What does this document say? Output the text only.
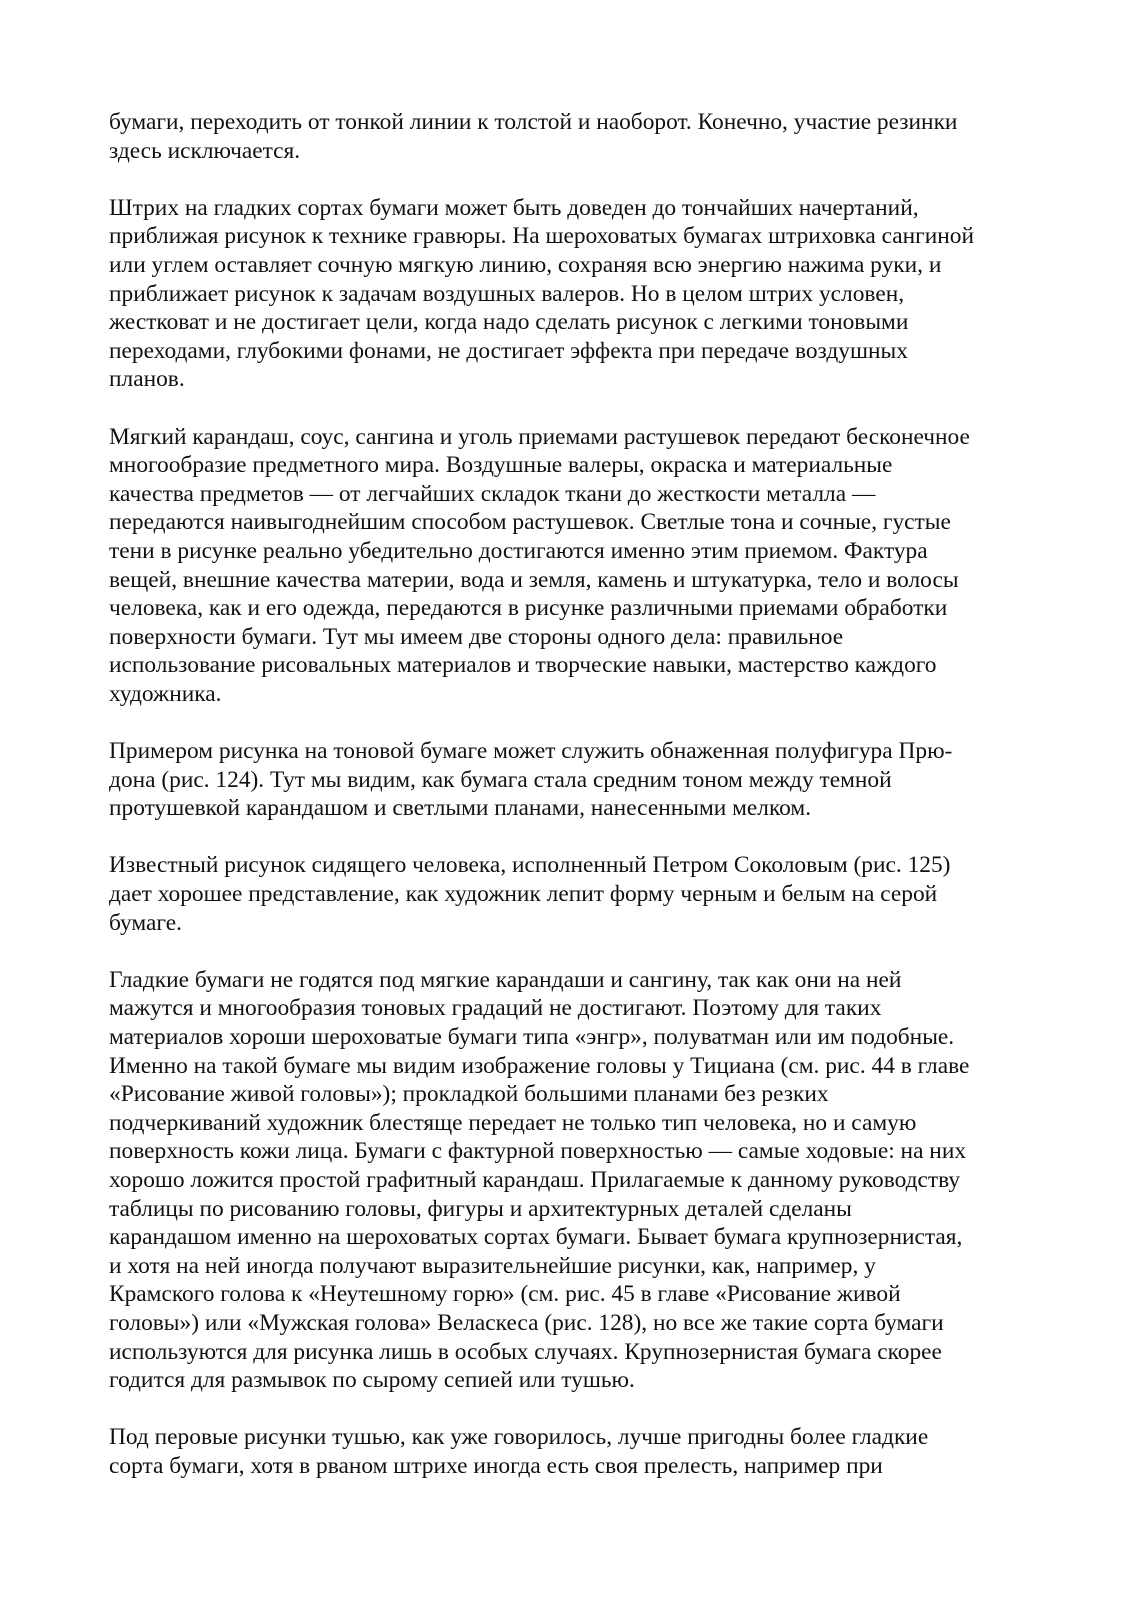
бумаги, переходить от тонкой линии к толстой и наоборот. Конечно, участие резинки
здесь исключается.

Штрих на гладких сортах бумаги может быть доведен до тончайших начертаний,
приближая рисунок к технике гравюры. На шероховатых бумагах штриховка сангиной
или углем оставляет сочную мягкую линию, сохраняя всю энергию нажима руки, и
приближает рисунок к задачам воздушных валеров. Но в целом штрих условен,
жестковат и не достигает цели, когда надо сделать рисунок с легкими тоновыми
переходами, глубокими фонами, не достигает эффекта при передаче воздушных
планов.

Мягкий карандаш, соус, сангина и уголь приемами растушевок передают бесконечное
многообразие предметного мира. Воздушные валеры, окраска и материальные
качества предметов — от легчайших складок ткани до жесткости металла —
передаются наивыгоднейшим способом растушевок. Светлые тона и сочные, густые
тени в рисунке реально убедительно достигаются именно этим приемом. Фактура
вещей, внешние качества материи, вода и земля, камень и штукатурка, тело и волосы
человека, как и его одежда, передаются в рисунке различными приемами обработки
поверхности бумаги. Тут мы имеем две стороны одного дела: правильное
использование рисовальных материалов и творческие навыки, мастерство каждого
художника.

Примером рисунка на тоновой бумаге может служить обнаженная полуфигура Прю-
дона (рис. 124). Тут мы видим, как бумага стала средним тоном между темной
протушевкой карандашом и светлыми планами, нанесенными мелком.

Известный рисунок сидящего человека, исполненный Петром Соколовым (рис. 125)
дает хорошее представление, как художник лепит форму черным и белым на серой
бумаге.

Гладкие бумаги не годятся под мягкие карандаши и сангину, так как они на ней
мажутся и многообразия тоновых градаций не достигают. Поэтому для таких
материалов хороши шероховатые бумаги типа «энгр», полуватман или им подобные.
Именно на такой бумаге мы видим изображение головы у Тициана (см. рис. 44 в главе
«Рисование живой головы»); прокладкой большими планами без резких
подчеркиваний художник блестяще передает не только тип человека, но и самую
поверхность кожи лица. Бумаги с фактурной поверхностью — самые ходовые: на них
хорошо ложится простой графитный карандаш. Прилагаемые к данному руководству
таблицы по рисованию головы, фигуры и архитектурных деталей сделаны
карандашом именно на шероховатых сортах бумаги. Бывает бумага крупнозернистая,
и хотя на ней иногда получают выразительнейшие рисунки, как, например, у
Крамского голова к «Неутешному горю» (см. рис. 45 в главе «Рисование живой
головы») или «Мужская голова» Веласкеса (рис. 128), но все же такие сорта бумаги
используются для рисунка лишь в особых случаях. Крупнозернистая бумага скорее
годится для размывок по сырому сепией или тушью.

Под перовые рисунки тушью, как уже говорилось, лучше пригодны более гладкие
сорта бумаги, хотя в рваном штрихе иногда есть своя прелесть, например при
